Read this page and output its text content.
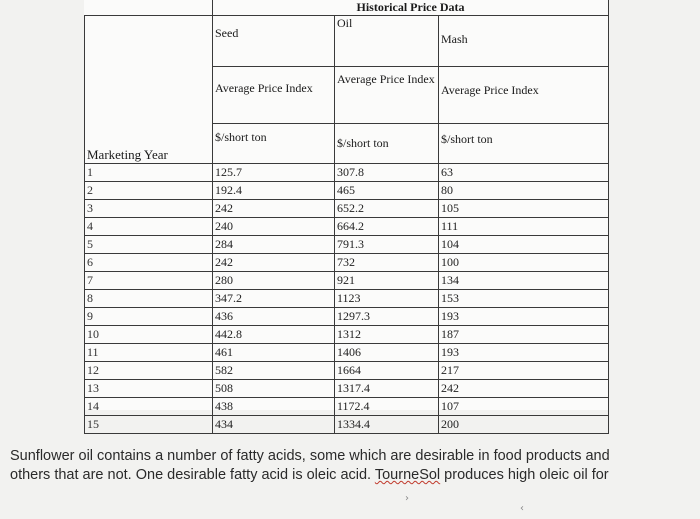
	Historical Price Data		

Marketing Year	Seed	Oil	Mash
	Average Price Index	Average Price Index	Average Price Index
	$/short ton	$/short ton	$/short ton
1	125.7	307.8	63
2	192.4	465	80
3	242	652.2	105
4	240	664.2	111
5	284	791.3	104
6	242	732	100
7	280	921	134
8	347.2	1123	153
9	436	1297.3	193
10	442.8	1312	187
11	461	1406	193
12	582	1664	217
13	508	1317.4	242
14	438	1172.4	107
15	434	1334.4	200
Sunflower oil contains a number of fatty acids, some which are desirable in food products and
others that are not. One desirable fatty acid is oleic acid. TourneSol produces high oleic oil for
›
‹
